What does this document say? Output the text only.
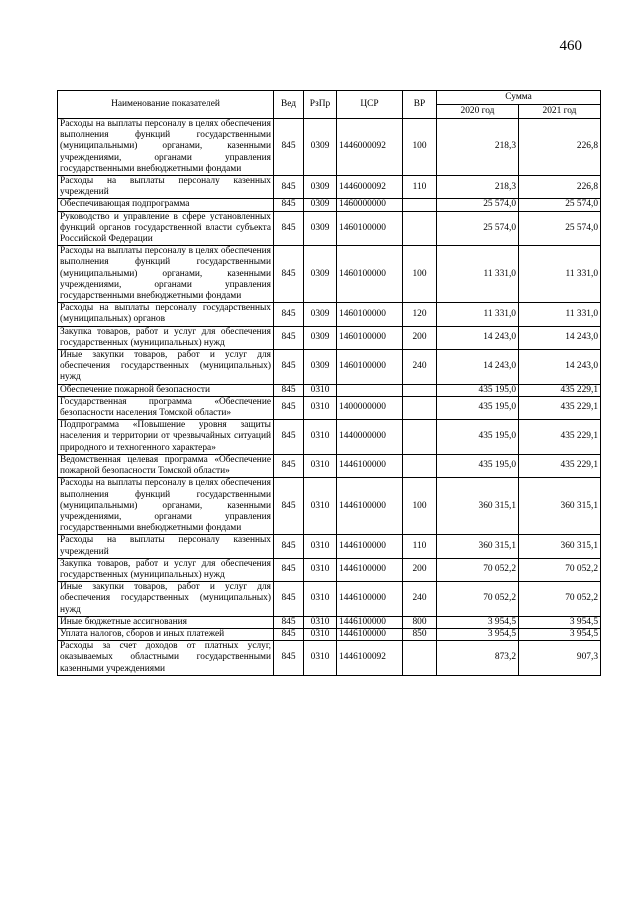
460
Наименование показателей	Вед	РзПр	ЦСР	ВР	Сумма	
					2020 год	2021 год
Расходы на выплаты персоналу в целях обеспечения выполнения функций государственными (муниципальными) органами, казенными учреждениями, органами управления государственными внебюджетными фондами	845	0309	1446000092	100	218,3	226,8
Расходы на выплаты персоналу казенных учреждений	845	0309	1446000092	110	218,3	226,8
Обеспечивающая подпрограмма	845	0309	1460000000		25 574,0	25 574,0
Руководство и управление в сфере установленных функций органов государственной власти субъекта Российской Федерации	845	0309	1460100000		25 574,0	25 574,0
Расходы на выплаты персоналу в целях обеспечения выполнения функций государственными (муниципальными) органами, казенными учреждениями, органами управления государственными внебюджетными фондами	845	0309	1460100000	100	11 331,0	11 331,0
Расходы на выплаты персоналу государственных (муниципальных) органов	845	0309	1460100000	120	11 331,0	11 331,0
Закупка товаров, работ и услуг для обеспечения государственных (муниципальных) нужд	845	0309	1460100000	200	14 243,0	14 243,0
Иные закупки товаров, работ и услуг для обеспечения государственных (муниципальных) нужд	845	0309	1460100000	240	14 243,0	14 243,0
Обеспечение пожарной безопасности	845	0310			435 195,0	435 229,1
Государственная программа «Обеспечение безопасности населения Томской области»	845	0310	1400000000		435 195,0	435 229,1
Подпрограмма «Повышение уровня защиты населения и территории от чрезвычайных ситуаций природного и техногенного характера»	845	0310	1440000000		435 195,0	435 229,1
Ведомственная целевая программа «Обеспечение пожарной безопасности Томской области»	845	0310	1446100000		435 195,0	435 229,1
Расходы на выплаты персоналу в целях обеспечения выполнения функций государственными (муниципальными) органами, казенными учреждениями, органами управления государственными внебюджетными фондами	845	0310	1446100000	100	360 315,1	360 315,1
Расходы на выплаты персоналу казенных учреждений	845	0310	1446100000	110	360 315,1	360 315,1
Закупка товаров, работ и услуг для обеспечения государственных (муниципальных) нужд	845	0310	1446100000	200	70 052,2	70 052,2
Иные закупки товаров, работ и услуг для обеспечения государственных (муниципальных) нужд	845	0310	1446100000	240	70 052,2	70 052,2
Иные бюджетные ассигнования	845	0310	1446100000	800	3 954,5	3 954,5
Уплата налогов, сборов и иных платежей	845	0310	1446100000	850	3 954,5	3 954,5
Расходы за счет доходов от платных услуг, оказываемых областными государственными казенными учреждениями	845	0310	1446100092		873,2	907,3
